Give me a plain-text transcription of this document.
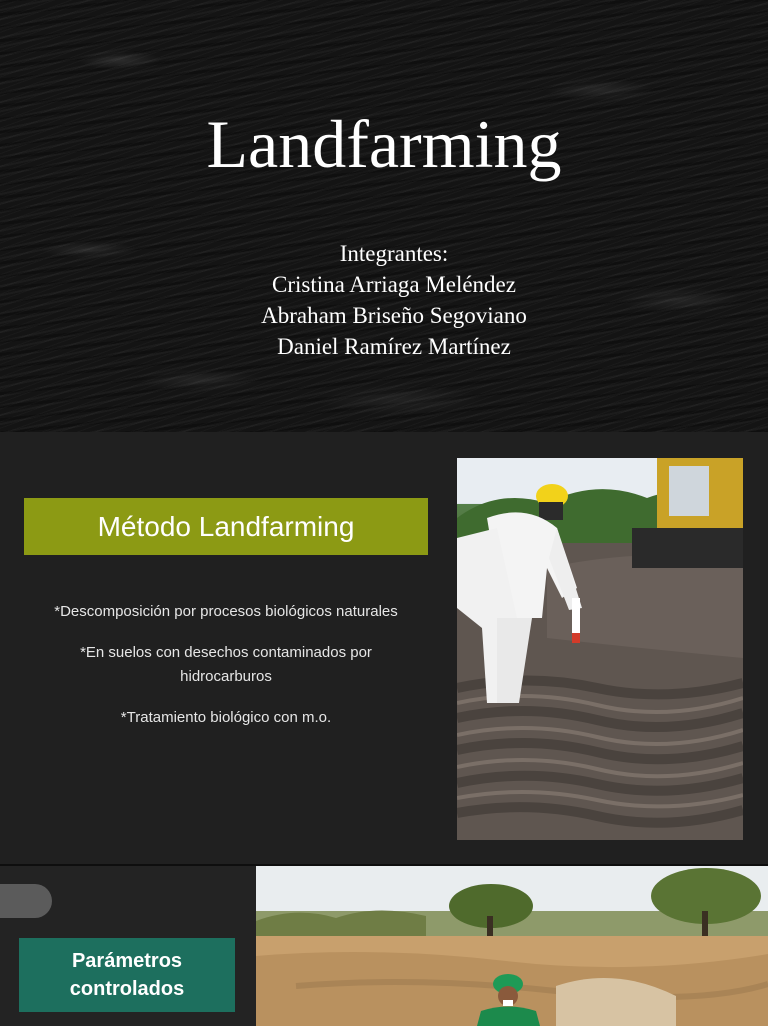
Landfarming
Integrantes:
Cristina Arriaga Meléndez
Abraham Briseño Segoviano
Daniel Ramírez Martínez
Método Landfarming

*Descomposición por procesos biológicos naturales

*En suelos con desechos contaminados por hidrocarburos

*Tratamiento biológico con m.o.

Parámetros controlados
